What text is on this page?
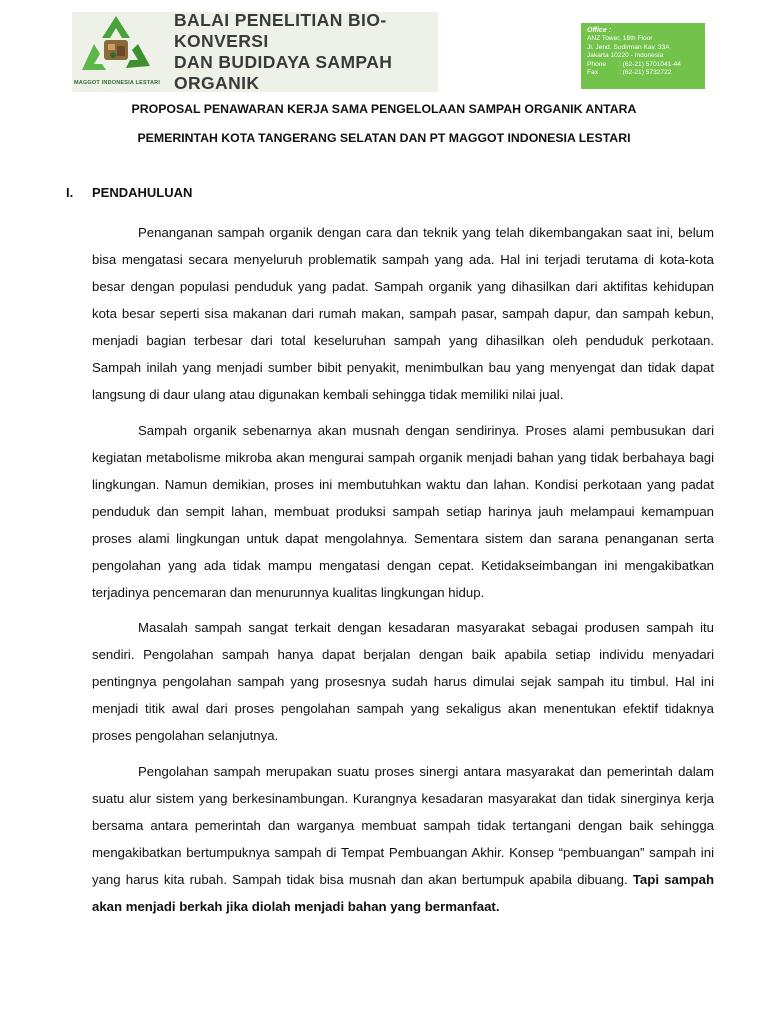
MAGGOT INDONESIA LESTARI
BALAI PENELITIAN BIO-KONVERSI
DAN BUDIDAYA SAMPAH ORGANIK
Office :
ANZ Tower, 16th Floor
Jl. Jend. Sudirman Kav. 33A
Jakarta 10220 - Indonesia
Phone	: (62-21) 5701041-44
Fax	: (62-21) 5732722
PROPOSAL PENAWARAN KERJA SAMA PENGELOLAAN SAMPAH ORGANIK ANTARA
PEMERINTAH KOTA TANGERANG SELATAN DAN PT MAGGOT INDONESIA LESTARI
I.	PENDAHULUAN

Penanganan sampah organik dengan cara dan teknik yang telah dikembangakan saat ini, belum bisa mengatasi secara menyeluruh problematik sampah yang ada. Hal ini terjadi terutama di kota-kota besar dengan populasi penduduk yang padat. Sampah organik yang dihasilkan dari aktifitas kehidupan kota besar seperti sisa makanan dari rumah makan, sampah pasar, sampah dapur, dan sampah kebun, menjadi bagian terbesar dari total keseluruhan sampah yang dihasilkan oleh penduduk perkotaan. Sampah inilah yang menjadi sumber bibit penyakit, menimbulkan bau yang menyengat dan tidak dapat langsung di daur ulang atau digunakan kembali sehingga tidak memiliki nilai jual.

Sampah organik sebenarnya akan musnah dengan sendirinya. Proses alami pembusukan dari kegiatan metabolisme mikroba akan mengurai sampah organik menjadi bahan yang tidak berbahaya bagi lingkungan. Namun demikian, proses ini membutuhkan waktu dan lahan. Kondisi perkotaan yang padat penduduk dan sempit lahan, membuat produksi sampah setiap harinya jauh melampaui kemampuan proses alami lingkungan untuk dapat mengolahnya. Sementara sistem dan sarana penanganan serta pengolahan yang ada tidak mampu mengatasi dengan cepat. Ketidakseimbangan ini mengakibatkan terjadinya pencemaran dan menurunnya kualitas lingkungan hidup.

Masalah sampah sangat terkait dengan kesadaran masyarakat sebagai produsen sampah itu sendiri. Pengolahan sampah hanya dapat berjalan dengan baik apabila setiap individu menyadari pentingnya pengolahan sampah yang prosesnya sudah harus dimulai sejak sampah itu timbul. Hal ini menjadi titik awal dari proses pengolahan sampah yang sekaligus akan menentukan efektif tidaknya proses pengolahan selanjutnya.

Pengolahan sampah merupakan suatu proses sinergi antara masyarakat dan pemerintah dalam suatu alur sistem yang berkesinambungan. Kurangnya kesadaran masyarakat dan tidak sinerginya kerja bersama antara pemerintah dan warganya membuat sampah tidak tertangani dengan baik sehingga mengakibatkan bertumpuknya sampah di Tempat Pembuangan Akhir. Konsep “pembuangan” sampah ini yang harus kita rubah. Sampah tidak bisa musnah dan akan bertumpuk apabila dibuang. Tapi sampah akan menjadi berkah jika diolah menjadi bahan yang bermanfaat.
